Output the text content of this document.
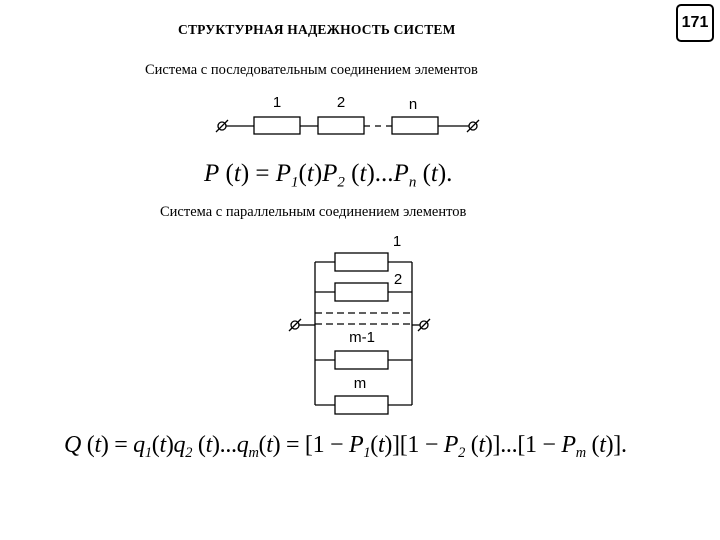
СТРУКТУРНАЯ НАДЕЖНОСТЬ СИСТЕМ	171
Система с последовательным соединением элементов
1	2	n
1
2
m-1
m
P $(t) = P_1(t)P_2$ $(t)...P_n$ (t).
Система с параллельным соединением элементов
Q $(t) = q_1(t)q_2$ $(t)...q_m(t) = [1 - P_1(t)][1 - P_2$ $(t)]...[1 - P_m$ (t)].
